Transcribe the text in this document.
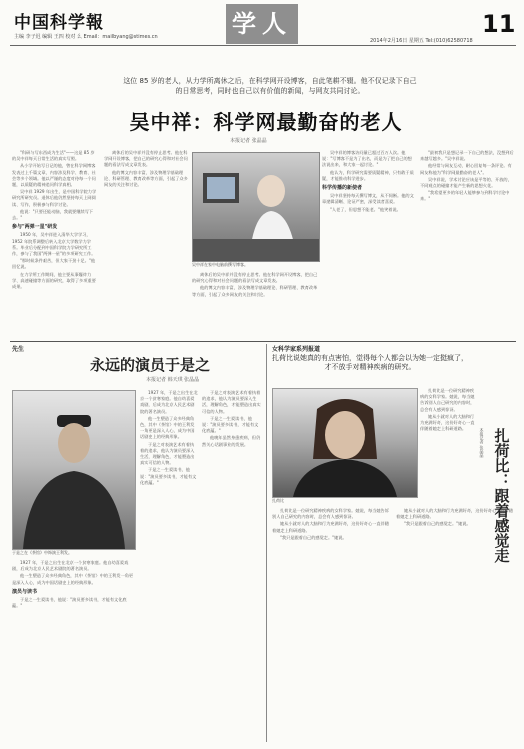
中国科学報
主编 李子迟 编辑 王四 校对 么 Email：mailbyang@stimes.cn	学人	11
2014年2月16日 星期五 Tel:(010)62580718
这位 85 岁的老人，从力学所离休之后，在科学网开设博客，自此笔耕不辍。他不仅记录下自己的日常思考，同时也自己以有价值的新闻，与网友共同讨论。
吴中祥：科学网最勤奋的老人
本报记者 张晶晶

"科研与写东西成为生活"——这是 85 岁的吴中祥每天日常生活的真实写照。

从小学开始写日记的他，曾在科学网博客发表过上千篇文章，内容涉及科学、教育、社会等多个领域。他以严谨的态度对待每一个问题，以质疑的精神追问科学真相。

吴中祥 1929 年出生，是中国科学院力学研究所研究员。退休后他仍然坚持每天上网阅读、写作，积极参与科学讨论。

他说："只要还能动脑，我就要继续写下去。"

参与"两弹一星"研发

1950 年，吴中祥进入清华大学学习，1952 年院系调整后转入北京大学数学力学系。毕业后分配到中国科学院力学研究所工作，参与了我国"两弹一星"的多项研究工作。

"那时候条件艰苦，但大家干劲十足。"他回忆说。

在力学所工作期间，他主要从事爆炸力学、高速碰撞等方面的研究，取得了多项重要成果。

离休后的吴中祥并没有停止思考。他在科学网开设博客，把自己的研究心得和对社会问题的看法写成文章发表。

他的博文内容丰富，涉及物理学基础理论、科研管理、教育改革等方面，引起了众多网友的关注和讨论。

吴中祥在家中电脑前撰写博客。

离休后的吴中祥并没有停止思考。他在科学网开设博客，把自己的研究心得和对社会问题的看法写成文章发表。

他的博文内容丰富，涉及物理学基础理论、科研管理、教育改革等方面，引起了众多网友的关注和讨论。

吴中祥的博客访问量已超过百万人次。他说："写博客不是为了出名，而是为了把自己的想法说出来，和大家一起讨论。"

他认为，科学研究需要质疑精神，只有敢于质疑，才能推动科学进步。

科学传播的新使者

吴中祥坚持每天撰写博文，从不间断。他的文章逻辑清晰、论证严密，深受读者喜爱。

"人老了，但思想不能老。"他笑着说。

"最初我只是想记录一下自己的想法，没想到后来越写越多。"吴中祥说。

他经常与网友互动，耐心回复每一条评论。有网友称他为"科学网最勤奋的老人"。

吴中祥说，学术讨论应该是平等的、开放的，不同观点的碰撞才能产生新的思想火花。

"我希望更多的年轻人能够参与到科学讨论中来。"

先生
永远的演员于是之
本报记者 韩天琪 张晶晶
于是之在《茶馆》中饰演王利发。

1927 年，于是之出生在北京一个贫寒家庭。他自幼喜爱戏剧，后成为北京人民艺术剧院的著名演员。

他一生塑造了众多经典角色，其中《茶馆》中的王利发一角更是深入人心，成为中国话剧史上的经典形象。

演员与读书

于是之一生爱读书，他说："演员要多读书，才能有文化底蕴。"

1927 年，于是之出生在北京一个贫寒家庭。他自幼喜爱戏剧，后成为北京人民艺术剧院的著名演员。

他一生塑造了众多经典角色，其中《茶馆》中的王利发一角更是深入人心，成为中国话剧史上的经典形象。

于是之对表演艺术有着执着的追求，他认为演员要深入生活，理解角色，才能塑造出真实可信的人物。

于是之一生爱读书，他说："演员要多读书，才能有文化底蕴。"

于是之对表演艺术有着执着的追求，他认为演员要深入生活，理解角色，才能塑造出真实可信的人物。

于是之一生爱读书，他说："演员要多读书，才能有文化底蕴。"

他晚年虽然身患疾病，但仍然关心话剧事业的发展。

女科学家系列报道
扎荷比说她真的有点害怕，觉得每个人都会以为她一定挺疯了，才不放手对精神疾病的研究。
扎荷比

扎荷比是一位研究精神疾病的女科学家。她说，每当她告诉别人自己研究的内容时，总会有人感到惊讶。

她从小就对人的大脑和行为充满好奇，这份好奇心一直伴随着她走上科研道路。	扎荷比：跟着感觉走
本报记者 张晶晶

扎荷比是一位研究精神疾病的女科学家。她说，每当她告诉别人自己研究的内容时，总会有人感到惊讶。

她从小就对人的大脑和行为充满好奇，这份好奇心一直伴随着她走上科研道路。

"我只是跟着自己的感觉走。"她说。

她从小就对人的大脑和行为充满好奇，这份好奇心一直伴随着她走上科研道路。

"我只是跟着自己的感觉走。"她说。
